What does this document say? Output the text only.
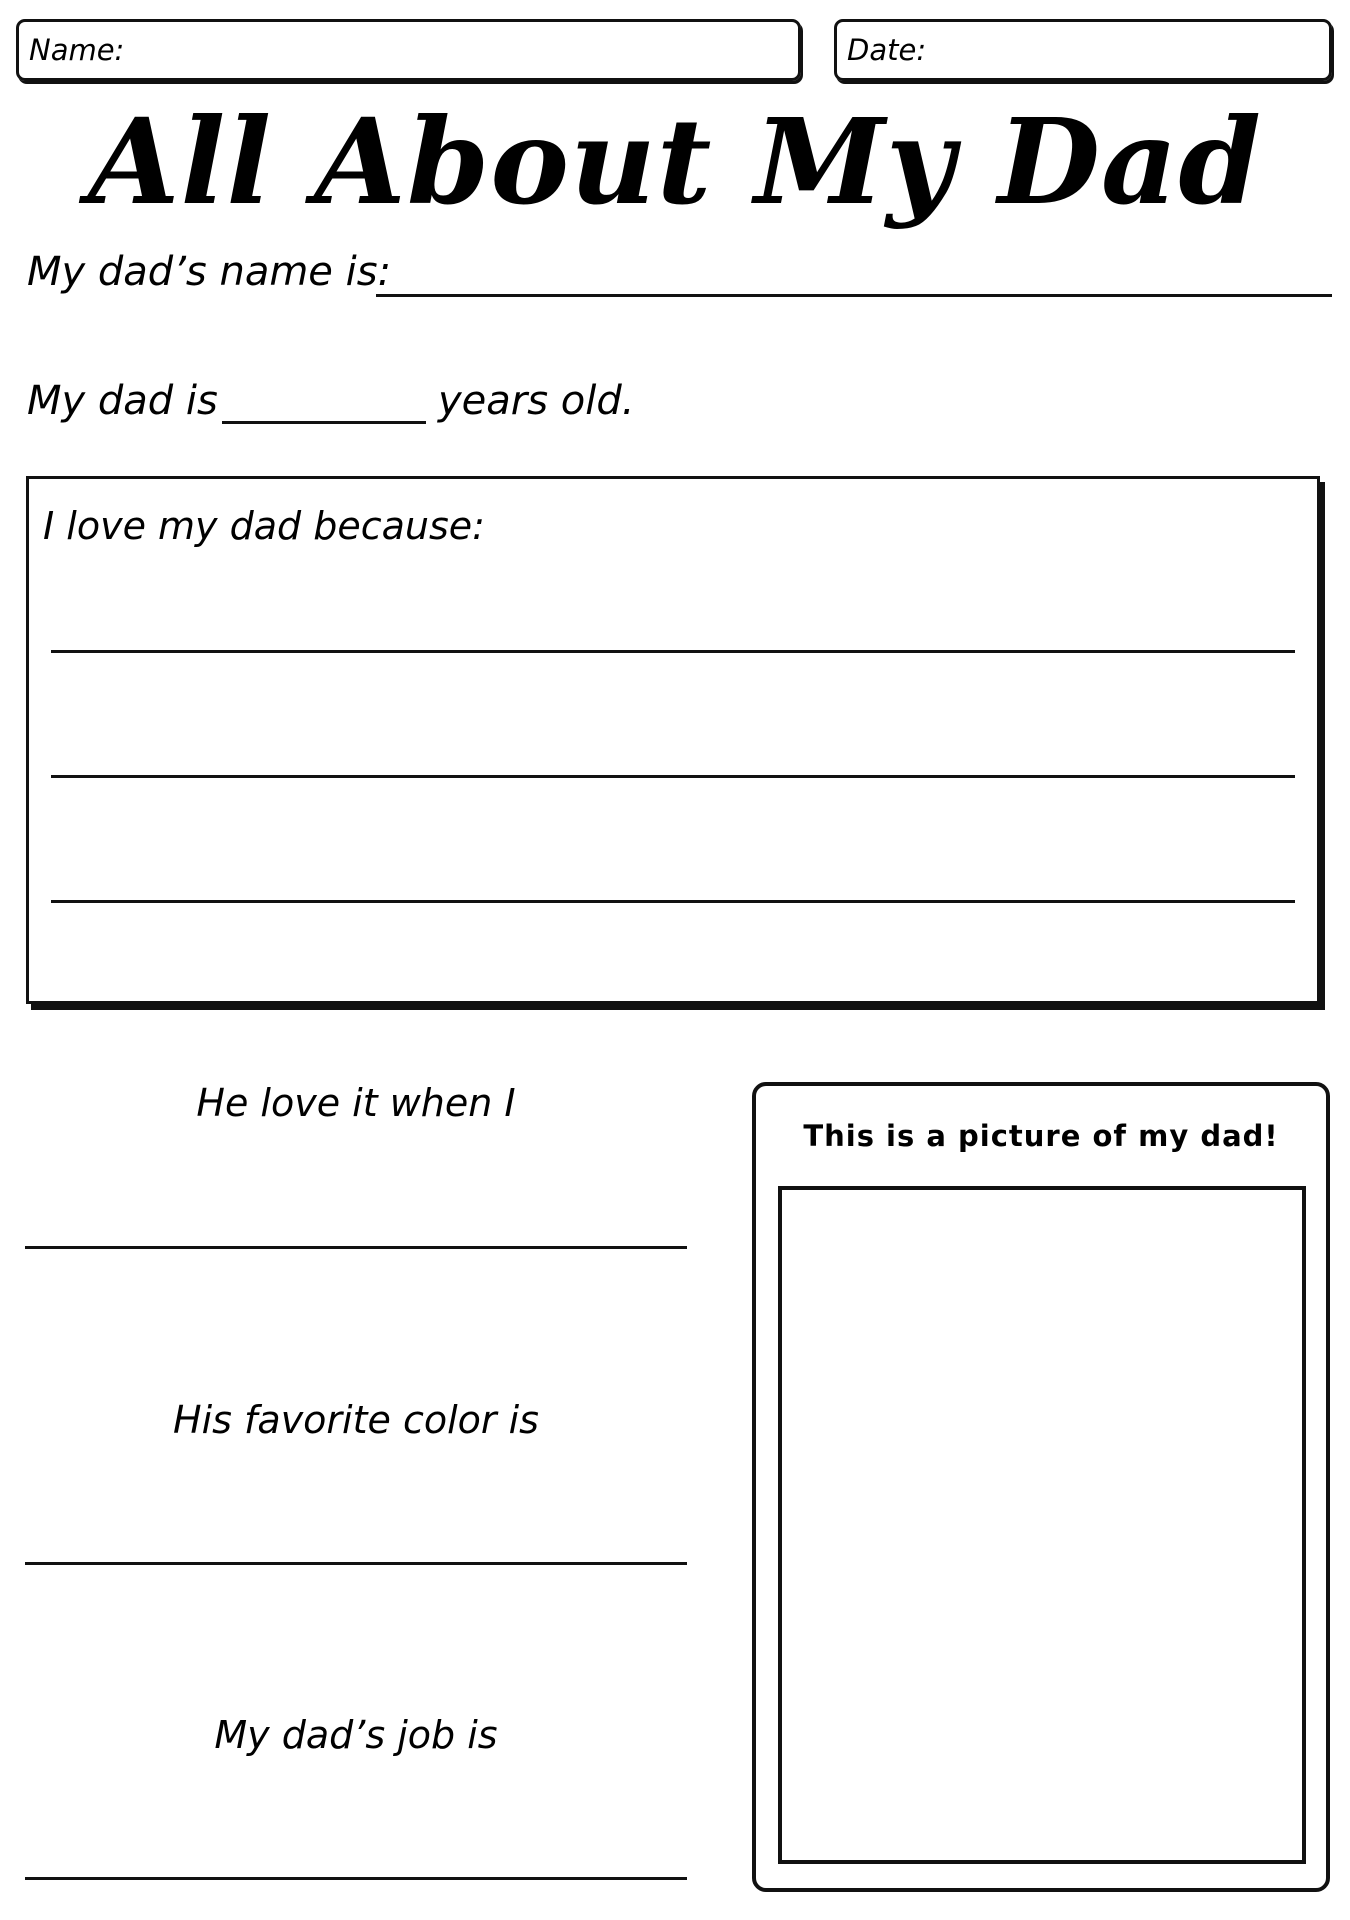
Name:	Date:
All About My Dad
My dad’s name is:
My dad is	years old.
I love my dad because:
He love it when I
His favorite color is
My dad’s job is
This is a picture of my dad!
